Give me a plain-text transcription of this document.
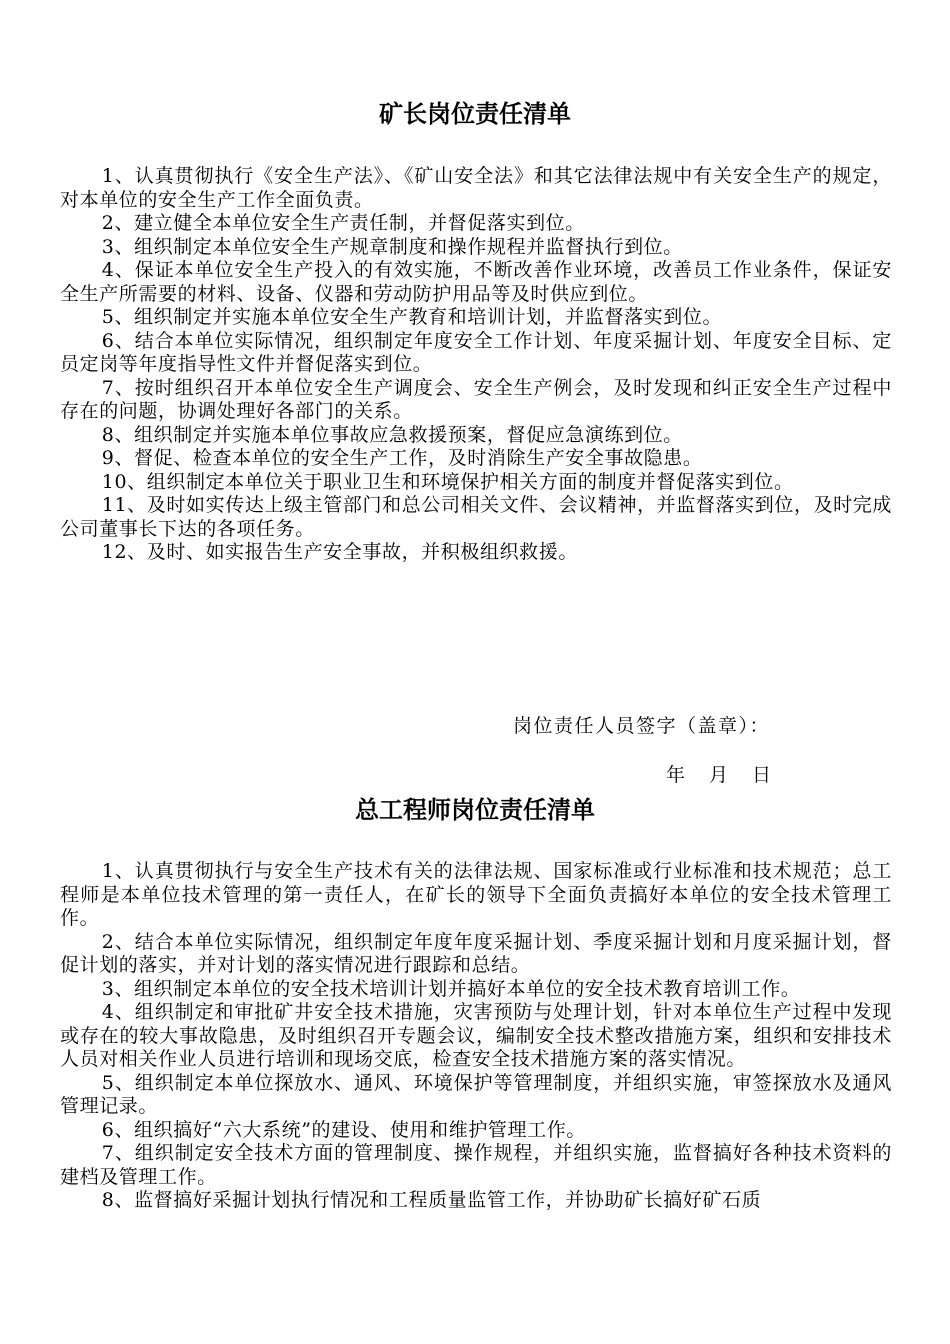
矿长岗位责任清单

1、认真贯彻执行《安全生产法》、《矿山安全法》和其它法律法规中有关安全生产的规定，对本单位的安全生产工作全面负责。

2、建立健全本单位安全生产责任制，并督促落实到位。

3、组织制定本单位安全生产规章制度和操作规程并监督执行到位。

4、保证本单位安全生产投入的有效实施，不断改善作业环境，改善员工作业条件，保证安全生产所需要的材料、设备、仪器和劳动防护用品等及时供应到位。

5、组织制定并实施本单位安全生产教育和培训计划，并监督落实到位。

6、结合本单位实际情况，组织制定年度安全工作计划、年度采掘计划、年度安全目标、定员定岗等年度指导性文件并督促落实到位。

7、按时组织召开本单位安全生产调度会、安全生产例会，及时发现和纠正安全生产过程中存在的问题，协调处理好各部门的关系。

8、组织制定并实施本单位事故应急救援预案，督促应急演练到位。

9、督促、检查本单位的安全生产工作，及时消除生产安全事故隐患。

10、组织制定本单位关于职业卫生和环境保护相关方面的制度并督促落实到位。

11、及时如实传达上级主管部门和总公司相关文件、会议精神，并监督落实到位，及时完成公司董事长下达的各项任务。

12、及时、如实报告生产安全事故，并积极组织救援。

岗位责任人员签字（盖章）：
年 月 日
总工程师岗位责任清单

1、认真贯彻执行与安全生产技术有关的法律法规、国家标准或行业标准和技术规范；总工程师是本单位技术管理的第一责任人，在矿长的领导下全面负责搞好本单位的安全技术管理工作。

2、结合本单位实际情况，组织制定年度年度采掘计划、季度采掘计划和月度采掘计划，督促计划的落实，并对计划的落实情况进行跟踪和总结。

3、组织制定本单位的安全技术培训计划并搞好本单位的安全技术教育培训工作。

4、组织制定和审批矿井安全技术措施，灾害预防与处理计划，针对本单位生产过程中发现或存在的较大事故隐患，及时组织召开专题会议，编制安全技术整改措施方案，组织和安排技术人员对相关作业人员进行培训和现场交底，检查安全技术措施方案的落实情况。

5、组织制定本单位探放水、通风、环境保护等管理制度，并组织实施，审签探放水及通风管理记录。

6、组织搞好“六大系统”的建设、使用和维护管理工作。

7、组织制定安全技术方面的管理制度、操作规程，并组织实施，监督搞好各种技术资料的建档及管理工作。

8、监督搞好采掘计划执行情况和工程质量监管工作，并协助矿长搞好矿石质
